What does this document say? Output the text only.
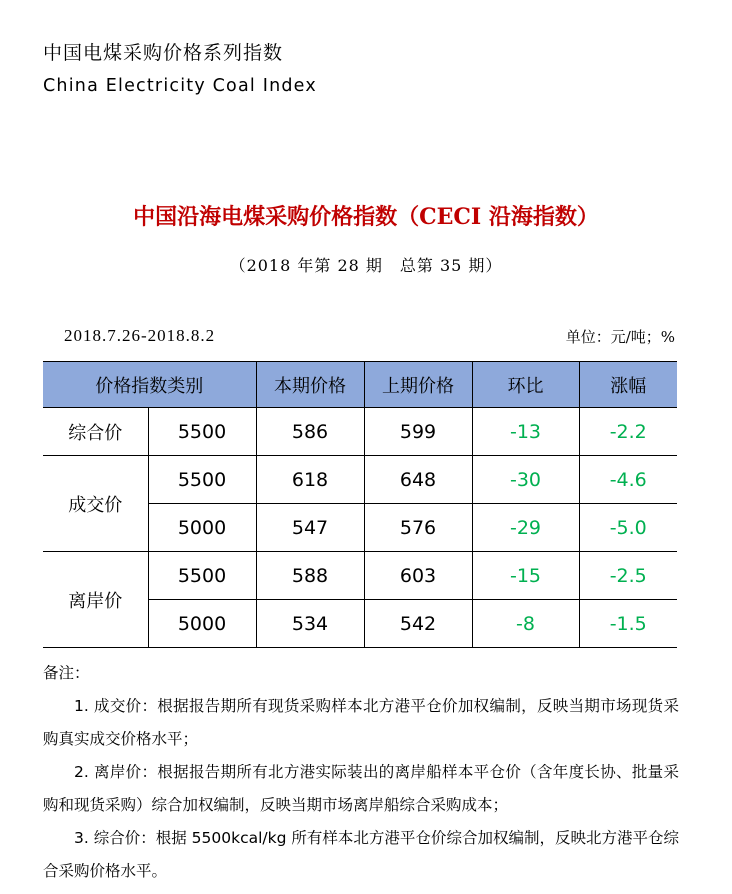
中国电煤采购价格系列指数
China Electricity Coal Index
中国沿海电煤采购价格指数（CECI 沿海指数）
（2018 年第 28 期　总第 35 期）
2018.7.26-2018.8.2	单位：元/吨；%
价格指数类别		本期价格	上期价格	环比	涨幅
综合价	5500	586	599	-13	-2.2
成交价	5500	618	648	-30	-4.6
	5000	547	576	-29	-5.0
离岸价	5500	588	603	-15	-2.5
	5000	534	542	-8	-1.5

备注：

1. 成交价：根据报告期所有现货采购样本北方港平仓价加权编制，反映当期市场现货采购真实成交价格水平；

2. 离岸价：根据报告期所有北方港实际装出的离岸船样本平仓价（含年度长协、批量采购和现货采购）综合加权编制，反映当期市场离岸船综合采购成本；

3. 综合价：根据 5500kcal/kg 所有样本北方港平仓价综合加权编制，反映北方港平仓综合采购价格水平。
